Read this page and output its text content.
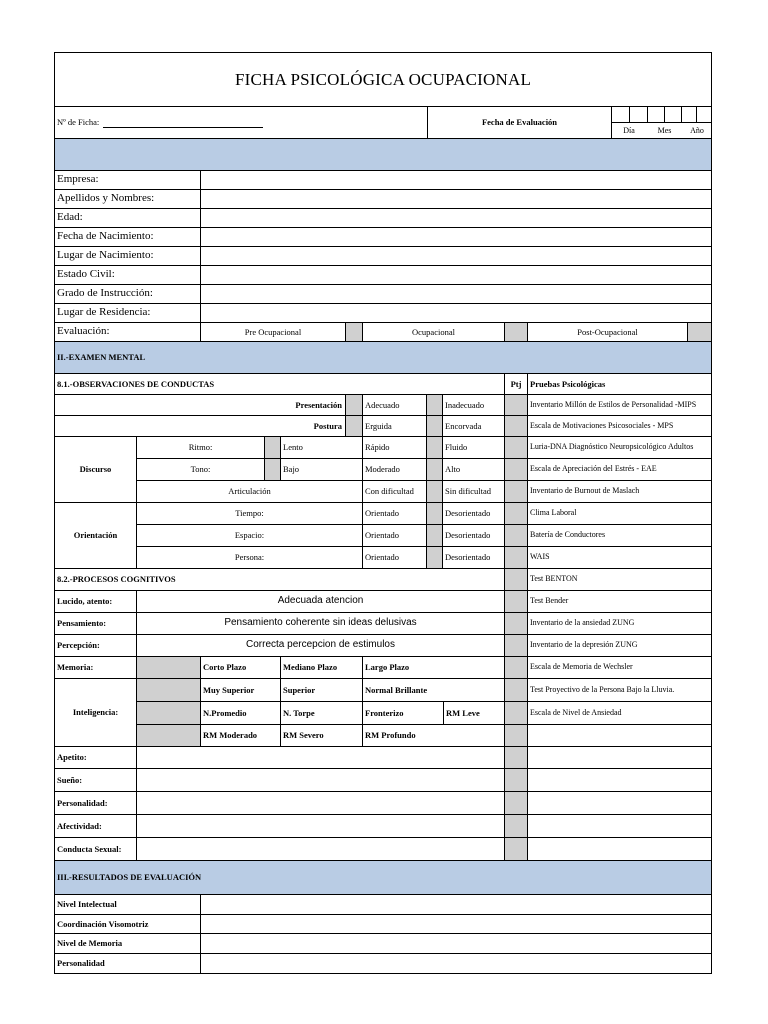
FICHA PSICOLÓGICA OCUPACIONAL
Nº de Ficha:	Fecha de Evaluación
Día	Mes	Año
Empresa:
Apellidos y Nombres:
Edad:
Fecha de Nacimiento:
Lugar de Nacimiento:
Estado Civil:
Grado de Instrucción:
Lugar de Residencia:
Evaluación:	Pre Ocupacional	Ocupacional	Post-Ocupacional
II.-EXAMEN MENTAL
8.1.-OBSERVACIONES DE CONDUCTAS	Ptj	Pruebas Psicológicas
Presentación	Adecuado	Inadecuado	Inventario Millón de Estilos de Personalidad -MIPS
Postura	Erguida	Encorvada	Escala de Motivaciones Psicosociales - MPS
Discurso
Ritmo:	Lento	Rápido	Fluido	Luria-DNA Diagnóstico Neuropsicológico Adultos
Tono:	Bajo	Moderado	Alto	Escala de Apreciación del Estrés - EAE
Articulación	Con dificultad	Sin dificultad	Inventario de Burnout de Maslach
Orientación
Tiempo:	Orientado	Desorientado	Clima Laboral
Espacio:	Orientado	Desorientado	Batería de Conductores
Persona:	Orientado	Desorientado	WAIS
8.2.-PROCESOS COGNITIVOS	Test BENTON
Lucido, atento:	Adecuada atencion	Test Bender
Pensamiento:	Pensamiento coherente sin ideas delusivas	Inventario de la ansiedad ZUNG
Percepción:	Correcta percepcion de estimulos	Inventario de la depresión ZUNG
Memoria:	Corto Plazo	Mediano Plazo	Largo Plazo	Escala de Memoria de Wechsler
Inteligencia:
Muy Superior	Superior	Normal Brillante	Test Proyectivo de la Persona Bajo la Lluvia.
N.Promedio	N. Torpe	Fronterizo	RM Leve	Escala de Nivel de Ansiedad
RM Moderado	RM Severo	RM Profundo
Apetito:
Sueño:
Personalidad:
Afectividad:
Conducta Sexual:
III.-RESULTADOS DE EVALUACIÓN
Nivel Intelectual
Coordinación Visomotriz
Nivel de Memoria
Personalidad
